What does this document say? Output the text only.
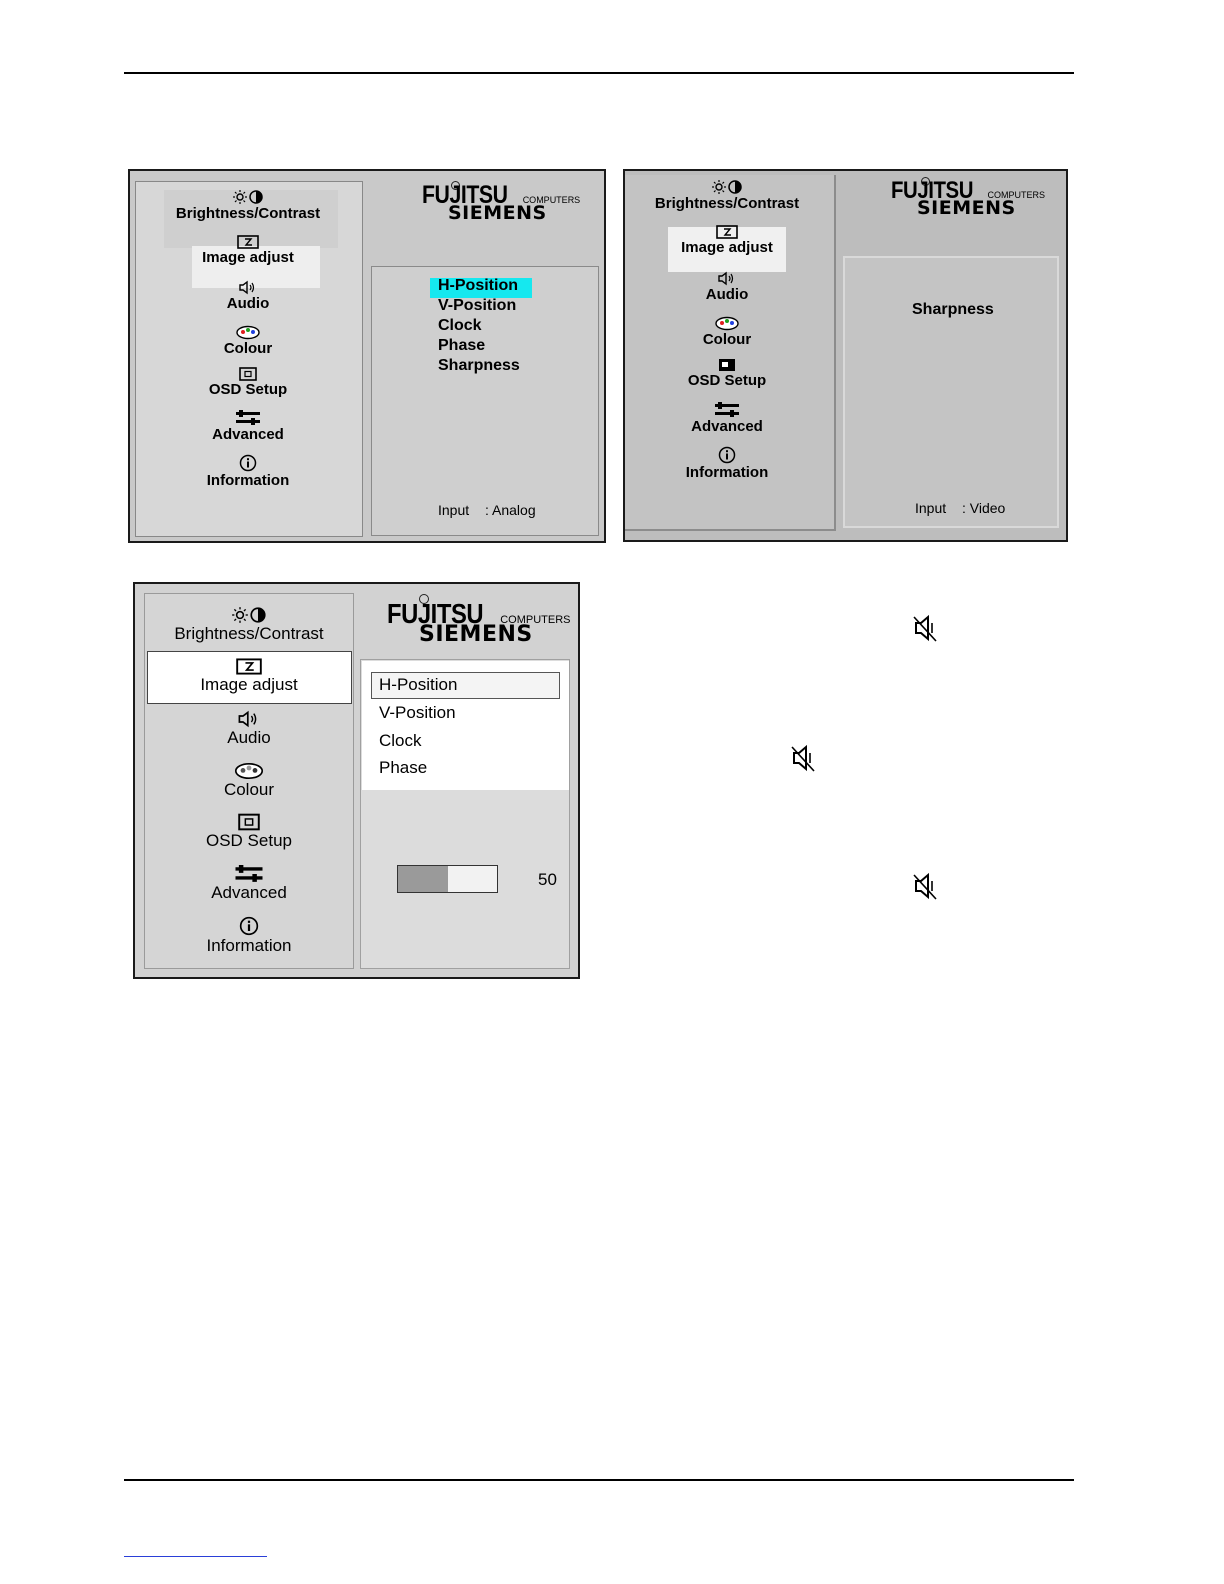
Brightness/Contrast
Image adjust
Audio
Colour
OSD Setup
Advanced
Information
FUJITSU COMPUTERS
SIEMENS
H-Position
V-Position
Clock
Phase
Sharpness
Input : Analog
Brightness/Contrast
Image adjust
Audio
Colour
OSD Setup
Advanced
Information
FUJITSU COMPUTERS
SIEMENS
Sharpness
Input : Video
Brightness/Contrast
Image adjust
Audio
Colour
OSD Setup
Advanced
Information
FUJITSU COMPUTERS
SIEMENS
H-Position
V-Position
Clock
Phase
50
